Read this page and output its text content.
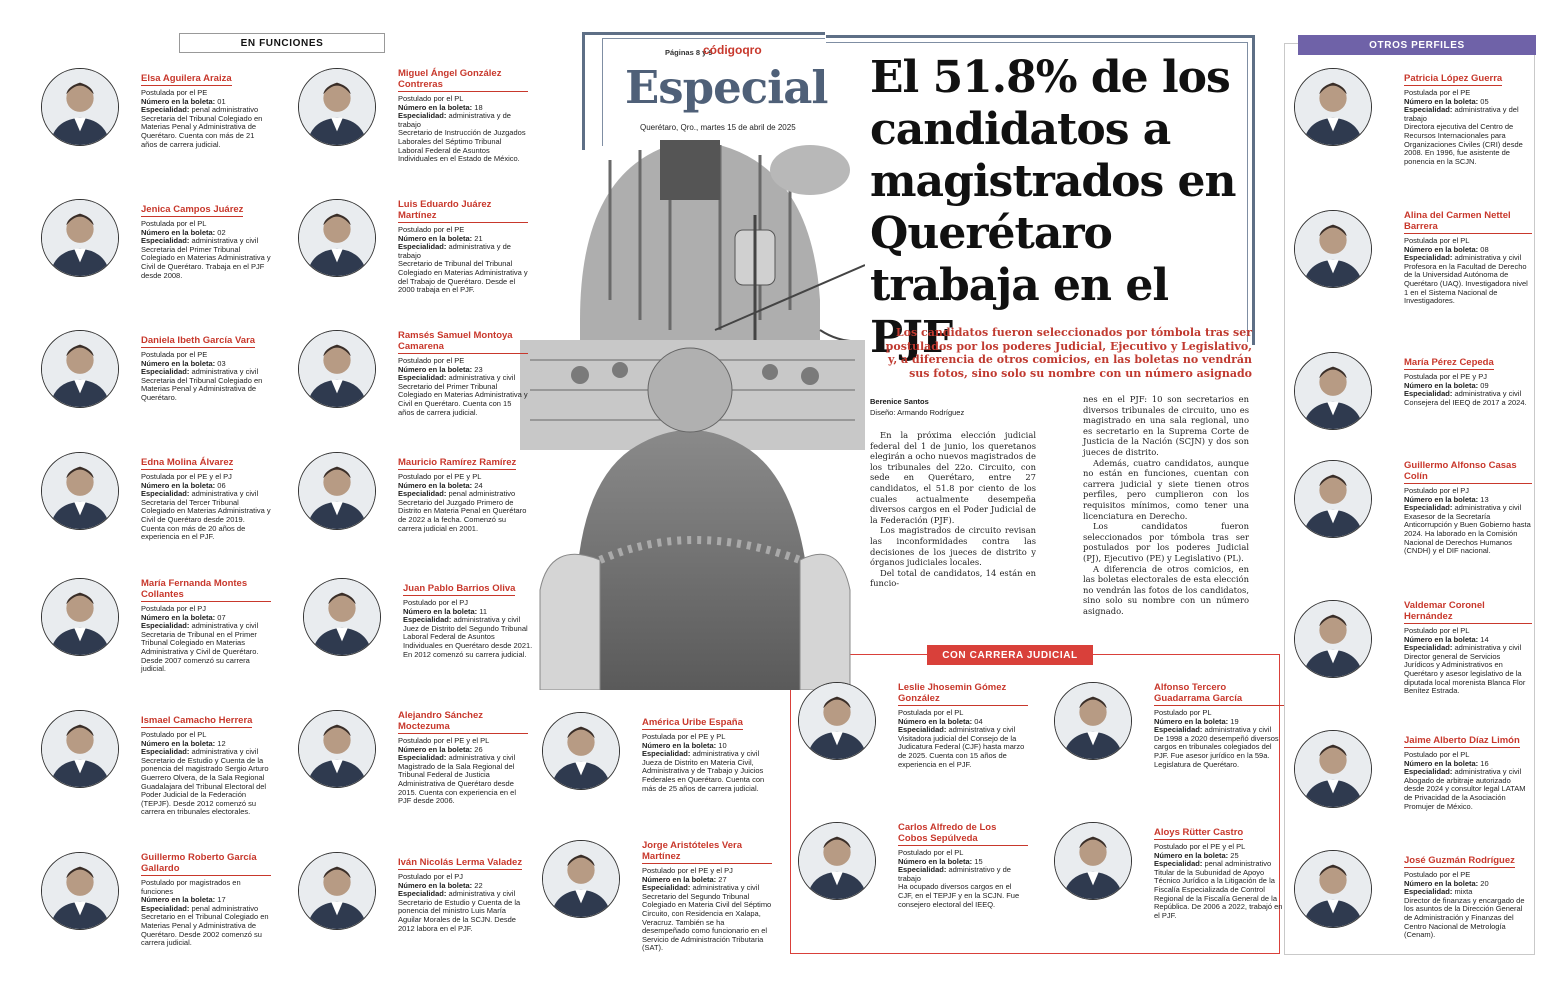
EN FUNCIONES	OTROS PERFILES
CON CARRERA JUDICIAL
Páginas 8 y 9
códigoqro
Especial
Querétaro, Qro., martes 15 de abril de 2025
El 51.8% de los candidatos a magistrados en Querétaro trabaja en el PJF
Los candidatos fueron seleccionados por tómbola tras ser postulados por los poderes Judicial, Ejecutivo y Legislativo, y, a diferencia de otros comicios, en las boletas no vendrán sus fotos, sino solo su nombre con un número asignado
Berenice Santos
Diseño: Armando Rodríguez

En la próxima elección judicial federal del 1 de junio, los queretanos elegirán a ocho nuevos magistrados de los tribunales del 22o. Circuito, con sede en Querétaro, entre 27 candidatos, el 51.8 por ciento de los cuales actualmente desempeña diversos cargos en el Poder Judicial de la Federación (PJF).

Los magistrados de circuito revisan las inconformidades contra las decisiones de los jueces de distrito y órganos judiciales locales.

Del total de candidatos, 14 están en funcio-

nes en el PJF: 10 son secretarios en diversos tribunales de circuito, uno es magistrado en una sala regional, uno es secretario en la Suprema Corte de Justicia de la Nación (SCJN) y dos son jueces de distrito.

Además, cuatro candidatos, aunque no están en funciones, cuentan con carrera judicial y siete tienen otros perfiles, pero cumplieron con los requisitos mínimos, como tener una licenciatura en Derecho.

Los candidatos fueron seleccionados por tómbola tras ser postulados por los poderes Judicial (PJ), Ejecutivo (PE) y Legislativo (PL).

A diferencia de otros comicios, en las boletas electorales de esta elección no vendrán las fotos de los candidatos, sino solo su nombre con un número asignado.

Elsa Aguilera Araiza

Postulada por el PE

Número en la boleta: 01

Especialidad: penal administrativo

Secretaria del Tribunal Colegiado en Materias Penal y Administrativa de Querétaro. Cuenta con más de 21 años de carrera judicial.

Jenica Campos Juárez

Postulada por el PL

Número en la boleta: 02

Especialidad: administrativa y civil

Secretaria del Primer Tribunal Colegiado en Materias Administrativa y Civil de Querétaro. Trabaja en el PJF desde 2008.

Daniela Ibeth García Vara

Postulada por el PE

Número en la boleta: 03

Especialidad: administrativa y civil

Secretaria del Tribunal Colegiado en Materias Penal y Administrativa de Querétaro.

Edna Molina Álvarez

Postulada por el PE y el PJ

Número en la boleta: 06

Especialidad: administrativa y civil

Secretaria del Tercer Tribunal Colegiado en Materias Administrativa y Civil de Querétaro desde 2019. Cuenta con más de 20 años de experiencia en el PJF.

María Fernanda Montes Collantes

Postulada por el PJ

Número en la boleta: 07

Especialidad: administrativa y civil

Secretaria de Tribunal en el Primer Tribunal Colegiado en Materias Administrativa y Civil de Querétaro. Desde 2007 comenzó su carrera judicial.

Ismael Camacho Herrera

Postulado por el PL

Número en la boleta: 12

Especialidad: administrativa y civil

Secretario de Estudio y Cuenta de la ponencia del magistrado Sergio Arturo Guerrero Olvera, de la Sala Regional Guadalajara del Tribunal Electoral del Poder Judicial de la Federación (TEPJF). Desde 2012 comenzó su carrera en tribunales electorales.

Guillermo Roberto García Gallardo

Postulado por magistrados en funciones

Número en la boleta: 17

Especialidad: penal administrativo

Secretario en el Tribunal Colegiado en Materias Penal y Administrativa de Querétaro. Desde 2002 comenzó su carrera judicial.

Miguel Ángel González Contreras

Postulado por el PL

Número en la boleta: 18

Especialidad: administrativa y de trabajo

Secretario de Instrucción de Juzgados Laborales del Séptimo Tribunal Laboral Federal de Asuntos Individuales en el Estado de México.

Luis Eduardo Juárez Martínez

Postulado por el PE

Número en la boleta: 21

Especialidad: administrativa y de trabajo

Secretario de Tribunal del Tribunal Colegiado en Materias Administrativa y del Trabajo de Querétaro. Desde el 2000 trabaja en el PJF.

Ramsés Samuel Montoya Camarena

Postulado por el PE

Número en la boleta: 23

Especialidad: administrativa y civil

Secretario del Primer Tribunal Colegiado en Materias Administrativa y Civil en Querétaro. Cuenta con 15 años de carrera judicial.

Mauricio Ramírez Ramírez

Postulado por el PE y PL

Número en la boleta: 24

Especialidad: penal administrativo

Secretario del Juzgado Primero de Distrito en Materia Penal en Querétaro de 2022 a la fecha. Comenzó su carrera judicial en 2001.

Juan Pablo Barrios Oliva

Postulado por el PJ

Número en la boleta: 11

Especialidad: administrativa y civil

Juez de Distrito del Segundo Tribunal Laboral Federal de Asuntos Individuales en Querétaro desde 2021. En 2012 comenzó su carrera judicial.

Alejandro Sánchez Moctezuma

Postulado por el PE y el PL

Número en la boleta: 26

Especialidad: administrativa y civil

Magistrado de la Sala Regional del Tribunal Federal de Justicia Administrativa de Querétaro desde 2015. Cuenta con experiencia en el PJF desde 2006.

Iván Nicolás Lerma Valadez

Postulado por el PJ

Número en la boleta: 22

Especialidad: administrativa y civil

Secretario de Estudio y Cuenta de la ponencia del ministro Luis María Aguilar Morales de la SCJN. Desde 2012 labora en el PJF.

América Uribe España

Postulada por el PE y PL

Número en la boleta: 10

Especialidad: administrativa y civil

Jueza de Distrito en Materia Civil, Administrativa y de Trabajo y Juicios Federales en Querétaro. Cuenta con más de 25 años de carrera judicial.

Jorge Aristóteles Vera Martínez

Postulado por el PE y el PJ

Número en la boleta: 27

Especialidad: administrativa y civil

Secretario del Segundo Tribunal Colegiado en Materia Civil del Séptimo Circuito, con Residencia en Xalapa, Veracruz. También se ha desempeñado como funcionario en el Servicio de Administración Tributaria (SAT).

Leslie Jhosemin Gómez González

Postulada por el PL

Número en la boleta: 04

Especialidad: administrativa y civil

Visitadora judicial del Consejo de la Judicatura Federal (CJF) hasta marzo de 2025. Cuenta con 15 años de experiencia en el PJF.

Alfonso Tercero Guadarrama García

Postulado por PL

Número en la boleta: 19

Especialidad: administrativa y civil

De 1998 a 2020 desempeñó diversos cargos en tribunales colegiados del PJF. Fue asesor jurídico en la 59a. Legislatura de Querétaro.

Carlos Alfredo de Los Cobos Sepúlveda

Postulado por el PL

Número en la boleta: 15

Especialidad: administrativo y de trabajo

Ha ocupado diversos cargos en el CJF, en el TEPJF y en la SCJN. Fue consejero electoral del IEEQ.

Aloys Rütter Castro

Postulado por el PE y el PL

Número en la boleta: 25

Especialidad: penal administrativo

Titular de la Subunidad de Apoyo Técnico Jurídico a la Litigación de la Fiscalía Especializada de Control Regional de la Fiscalía General de la República. De 2006 a 2022, trabajó en el PJF.

Patricia López Guerra

Postulada por el PE

Número en la boleta: 05

Especialidad: administrativa y del trabajo

Directora ejecutiva del Centro de Recursos Internacionales para Organizaciones Civiles (CRI) desde 2008. En 1996, fue asistente de ponencia en la SCJN.

Alina del Carmen Nettel Barrera

Postulada por el PL

Número en la boleta: 08

Especialidad: administrativa y civil

Profesora en la Facultad de Derecho de la Universidad Autónoma de Querétaro (UAQ). Investigadora nivel 1 en el Sistema Nacional de Investigadores.

María Pérez Cepeda

Postulada por el PE y PJ

Número en la boleta: 09

Especialidad: administrativa y civil

Consejera del IEEQ de 2017 a 2024.

Guillermo Alfonso Casas Colín

Postulado por el PJ

Número en la boleta: 13

Especialidad: administrativa y civil

Exasesor de la Secretaría Anticorrupción y Buen Gobierno hasta 2024. Ha laborado en la Comisión Nacional de Derechos Humanos (CNDH) y el DIF nacional.

Valdemar Coronel Hernández

Postulado por el PL

Número en la boleta: 14

Especialidad: administrativa y civil

Director general de Servicios Jurídicos y Administrativos en Querétaro y asesor legislativo de la diputada local morenista Blanca Flor Benítez Estrada.

Jaime Alberto Díaz Limón

Postulado por el PL

Número en la boleta: 16

Especialidad: administrativa y civil

Abogado de arbitraje autorizado desde 2024 y consultor legal LATAM de Privacidad de la Asociación Promujer de México.

José Guzmán Rodríguez

Postulado por el PE

Número en la boleta: 20

Especialidad: mixta

Director de finanzas y encargado de los asuntos de la Dirección General de Administración y Finanzas del Centro Nacional de Metrología (Cenam).
